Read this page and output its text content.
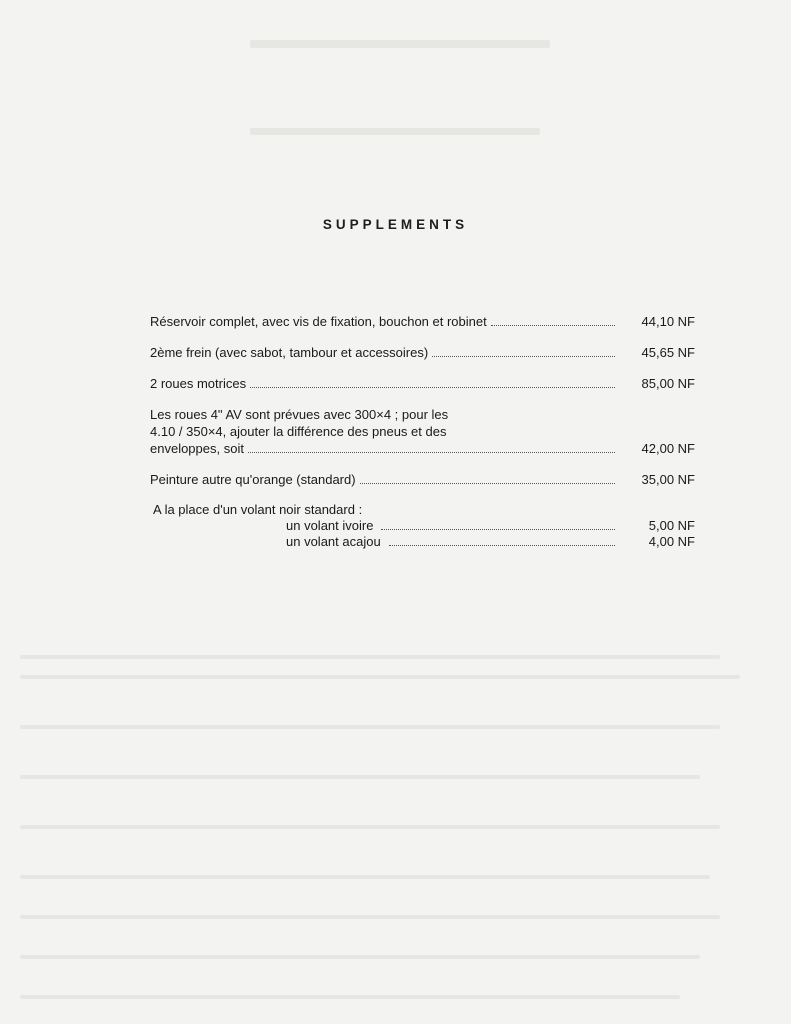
SUPPLEMENTS
Réservoir complet, avec vis de fixation, bouchon et robinet	44,10 NF
2ème frein (avec sabot, tambour et accessoires)	45,65 NF
2 roues motrices	85,00 NF
Les roues 4" AV sont prévues avec 300×4 ; pour les
4.10 / 350×4, ajouter la différence des pneus et des
enveloppes, soit	42,00 NF
Peinture autre qu'orange (standard)	35,00 NF
A la place d'un volant noir standard :
un volant ivoire	5,00 NF
un volant acajou	4,00 NF
